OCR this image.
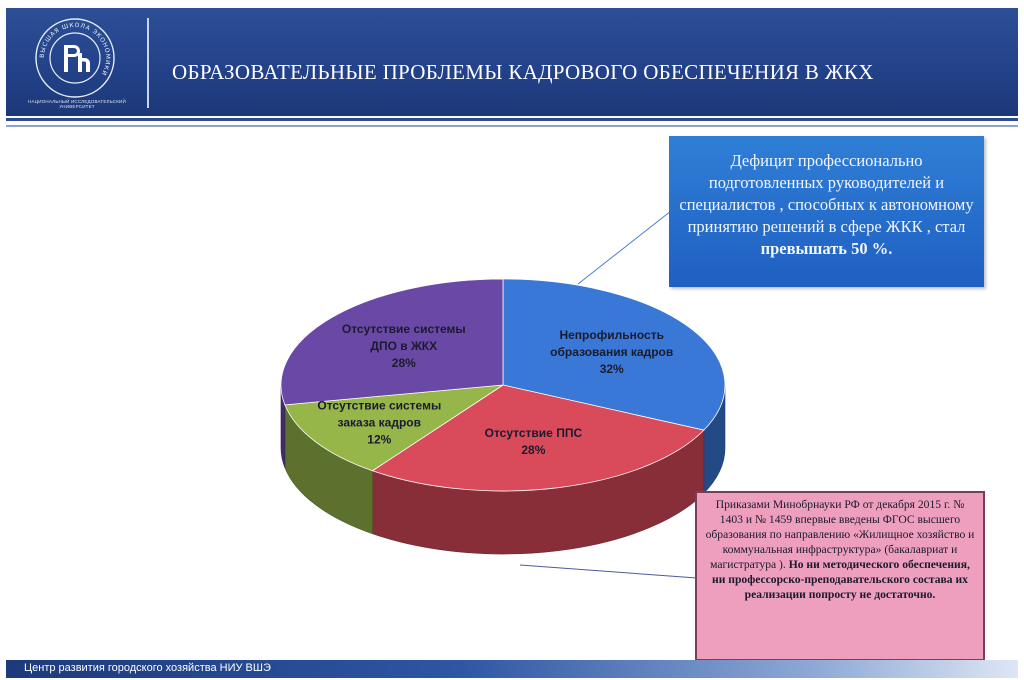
ВЫСШАЯ ШКОЛА ЭКОНОМИКИ
НАЦИОНАЛЬНЫЙ ИССЛЕДОВАТЕЛЬСКИЙ УНИВЕРСИТЕТ
ОБРАЗОВАТЕЛЬНЫЕ ПРОБЛЕМЫ КАДРОВОГО ОБЕСПЕЧЕНИЯ В ЖКХ
Непрофильность образования кадров 32%
Отсутствие ППС 28%
Отсутствие системы заказа кадров 12%
Отсутствие системы ДПО в ЖКХ 28%
Дефицит профессионально подготовленных руководителей и специалистов , способных к автономному принятию решений в сфере ЖКК , стал превышать 50 %.
Приказами Минобрнауки РФ от декабря 2015 г. № 1403 и № 1459 впервые введены ФГОС высшего образования по направлению «Жилищное хозяйство и коммунальная инфраструктура» (бакалавриат и магистратура ). Но ни методического обеспечения, ни профессорско-преподавательского состава их реализации попросту не достаточно.
Центр развития городского хозяйства НИУ ВШЭ
